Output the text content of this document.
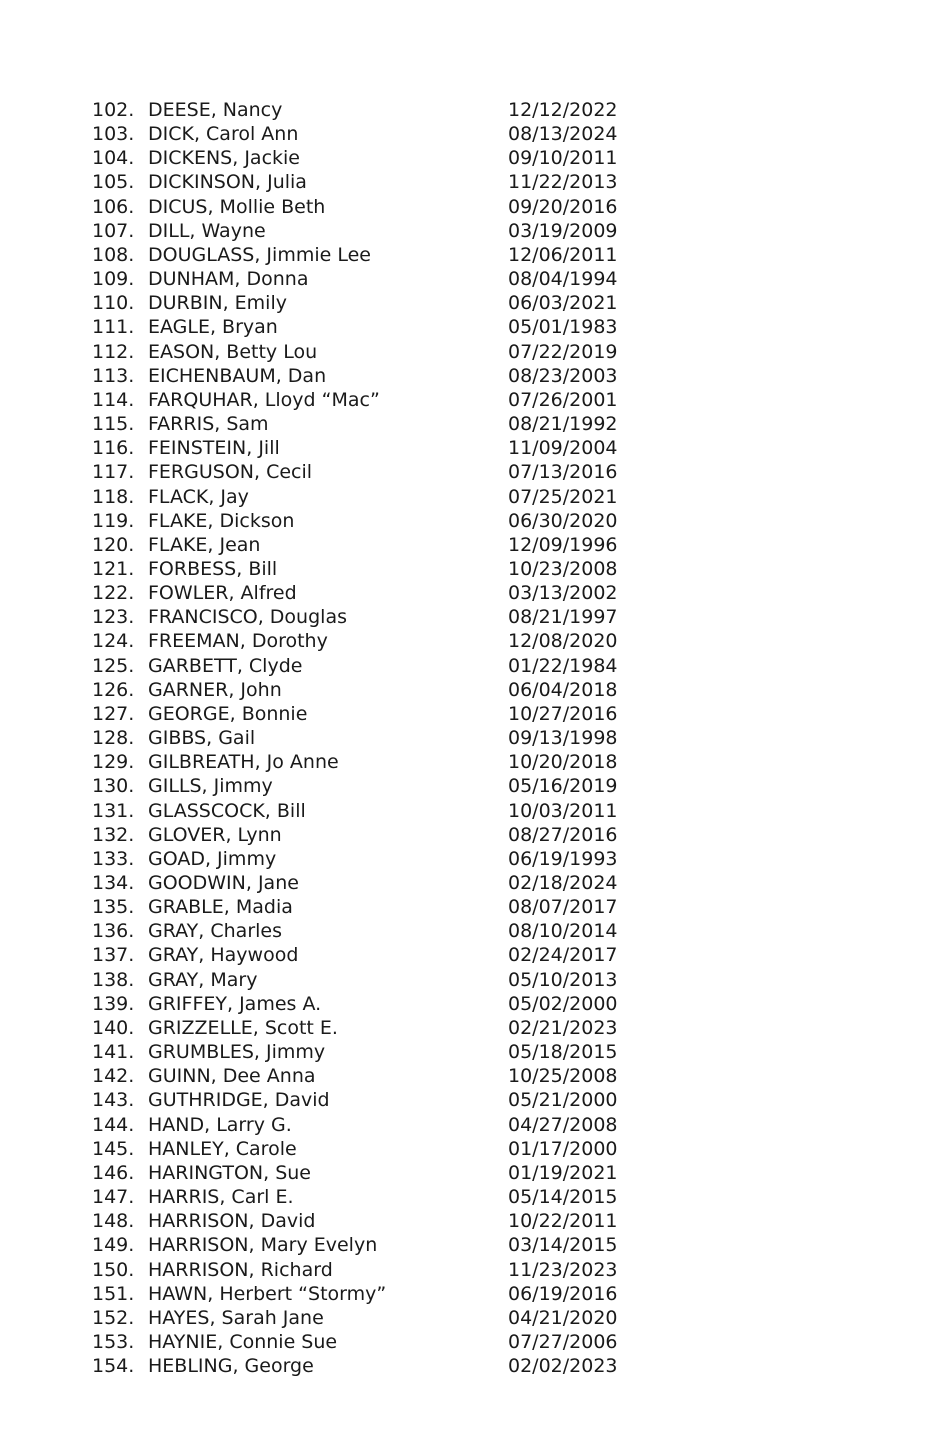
102. DEESE, Nancy	12/12/2022
103. DICK, Carol Ann	08/13/2024
104. DICKENS, Jackie	09/10/2011
105. DICKINSON, Julia	11/22/2013
106. DICUS, Mollie Beth	09/20/2016
107. DILL, Wayne	03/19/2009
108. DOUGLASS, Jimmie Lee	12/06/2011
109. DUNHAM, Donna	08/04/1994
110. DURBIN, Emily	06/03/2021
111. EAGLE, Bryan	05/01/1983
112. EASON, Betty Lou	07/22/2019
113. EICHENBAUM, Dan	08/23/2003
114. FARQUHAR, Lloyd “Mac”	07/26/2001
115. FARRIS, Sam	08/21/1992
116. FEINSTEIN, Jill	11/09/2004
117. FERGUSON, Cecil	07/13/2016
118. FLACK, Jay	07/25/2021
119. FLAKE, Dickson	06/30/2020
120. FLAKE, Jean	12/09/1996
121. FORBESS, Bill	10/23/2008
122. FOWLER, Alfred	03/13/2002
123. FRANCISCO, Douglas	08/21/1997
124. FREEMAN, Dorothy	12/08/2020
125. GARBETT, Clyde	01/22/1984
126. GARNER, John	06/04/2018
127. GEORGE, Bonnie	10/27/2016
128. GIBBS, Gail	09/13/1998
129. GILBREATH, Jo Anne	10/20/2018
130. GILLS, Jimmy	05/16/2019
131. GLASSCOCK, Bill	10/03/2011
132. GLOVER, Lynn	08/27/2016
133. GOAD, Jimmy	06/19/1993
134. GOODWIN, Jane	02/18/2024
135. GRABLE, Madia	08/07/2017
136. GRAY, Charles	08/10/2014
137. GRAY, Haywood	02/24/2017
138. GRAY, Mary	05/10/2013
139. GRIFFEY, James A.	05/02/2000
140. GRIZZELLE, Scott E.	02/21/2023
141. GRUMBLES, Jimmy	05/18/2015
142. GUINN, Dee Anna	10/25/2008
143. GUTHRIDGE, David	05/21/2000
144. HAND, Larry G.	04/27/2008
145. HANLEY, Carole	01/17/2000
146. HARINGTON, Sue	01/19/2021
147. HARRIS, Carl E.	05/14/2015
148. HARRISON, David	10/22/2011
149. HARRISON, Mary Evelyn	03/14/2015
150. HARRISON, Richard	11/23/2023
151. HAWN, Herbert “Stormy”	06/19/2016
152. HAYES, Sarah Jane	04/21/2020
153. HAYNIE, Connie Sue	07/27/2006
154. HEBLING, George	02/02/2023
